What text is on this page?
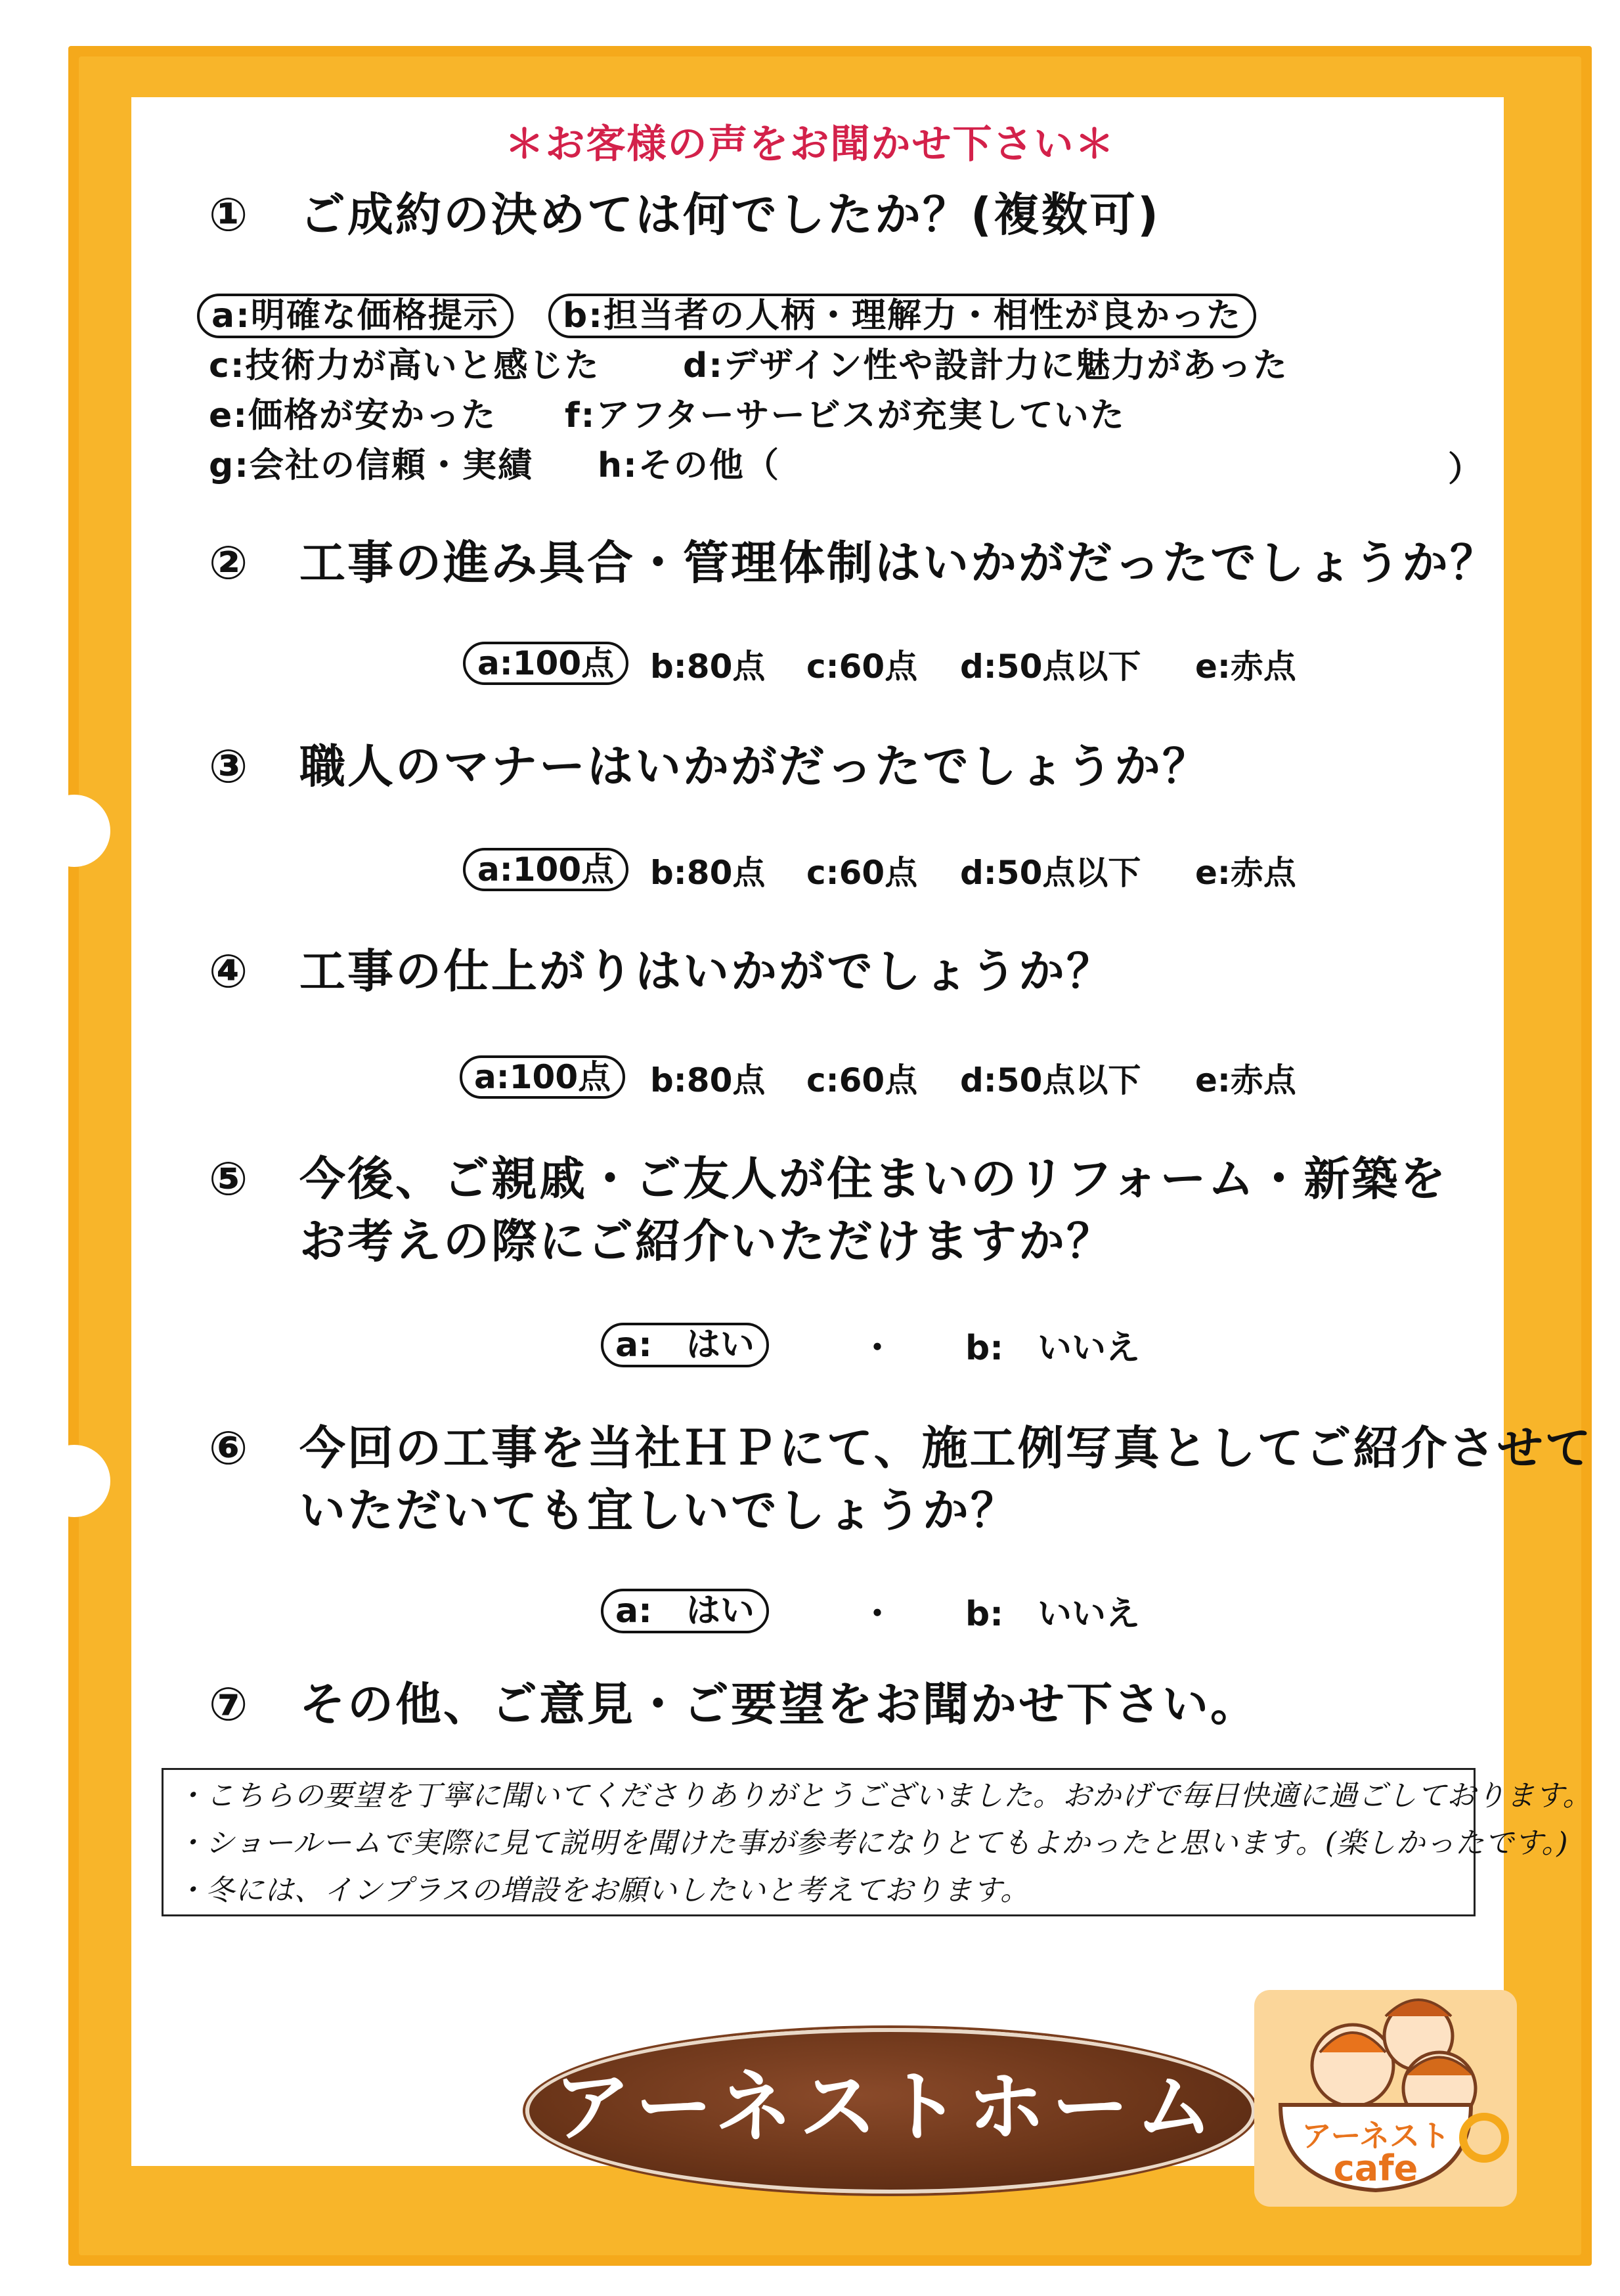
＊お客様の声をお聞かせ下さい＊
① ご成約の決めては何でしたか？(複数可)
a:明確な価格提示	b:担当者の人柄・理解力・相性が良かった
c:技術力が高いと感じた d:デザイン性や設計力に魅力があった
e:価格が安かった f:アフターサービスが充実していた
g:会社の信頼・実績 h:その他（	）
② 工事の進み具合・管理体制はいかがだったでしょうか？
a:100点	b:80点 c:60点 d:50点以下 e:赤点
③ 職人のマナーはいかがだったでしょうか？
a:100点	b:80点 c:60点 d:50点以下 e:赤点
④ 工事の仕上がりはいかがでしょうか？
a:100点	b:80点 c:60点 d:50点以下 e:赤点
⑤ 今後、ご親戚・ご友人が住まいのリフォーム・新築を
お考えの際にご紹介いただけますか？
a:　はい	・ b:　いいえ
⑥ 今回の工事を当社ＨＰにて、施工例写真としてご紹介させて
いただいても宜しいでしょうか？
a:　はい	・ b:　いいえ
⑦ その他、ご意見・ご要望をお聞かせ下さい。
・こちらの要望を丁寧に聞いてくださりありがとうございました。おかげで毎日快適に過ごしております。
・ショールームで実際に見て説明を聞けた事が参考になりとてもよかったと思います。(楽しかったです。)
・冬には、インプラスの増設をお願いしたいと考えております。
アーネストホーム	アーネスト
cafe
